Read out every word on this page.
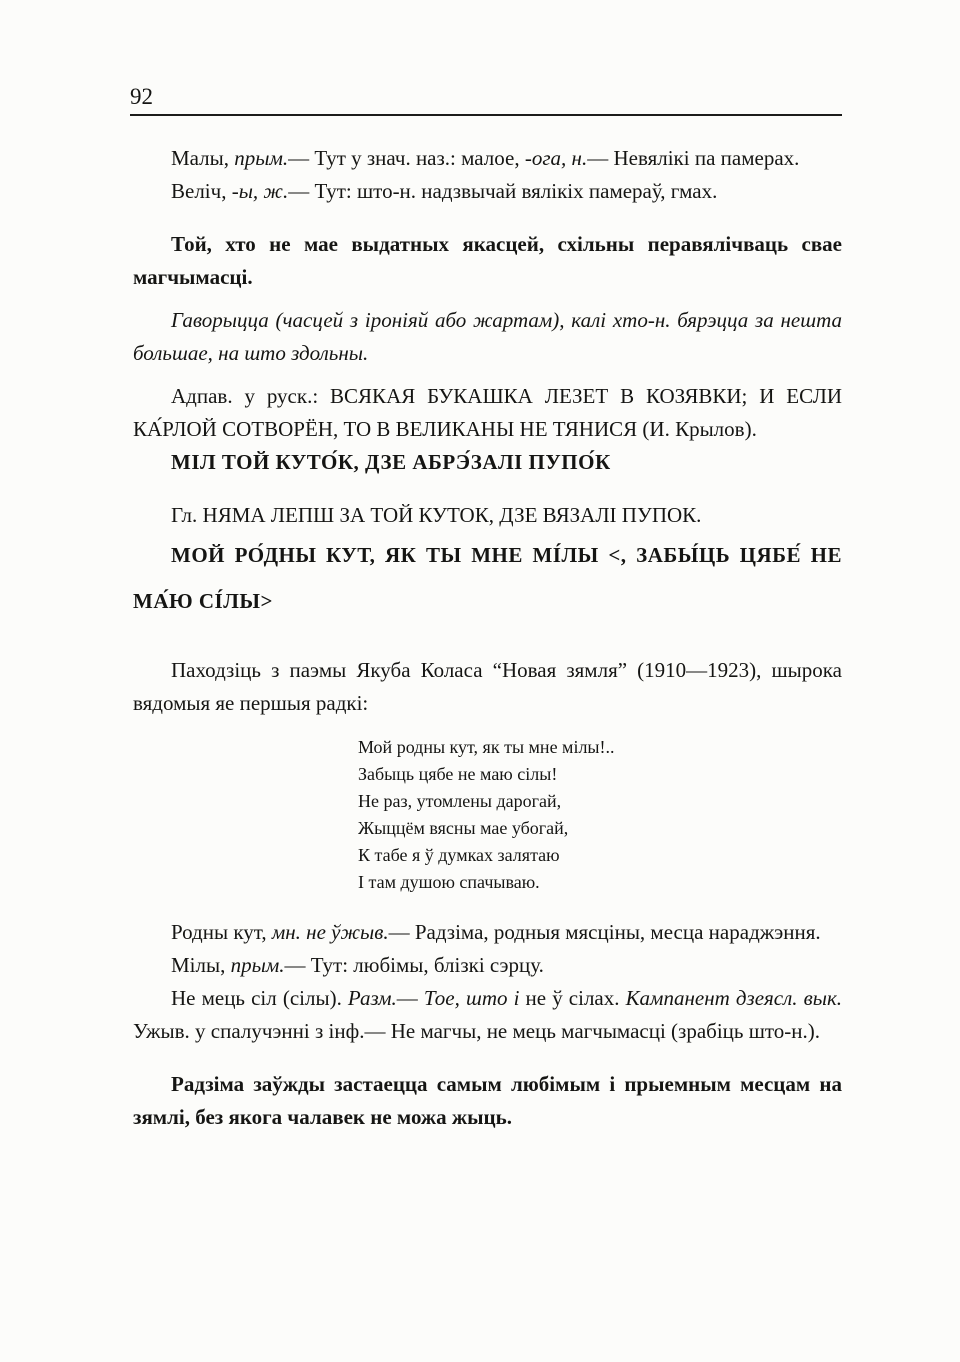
92

Малы, прым.— Тут у знач. наз.: малое, -ога, н.— Невялікі па памерах.

Веліч, -ы, ж.— Тут: што-н. надзвычай вялікіх памераў, гмах.

Той, хто не мае выдатных якасцей, схільны перавялічваць свае магчымасці.

Гаворыцца (часцей з іроніяй або жартам), калі хто-н. бярэцца за нешта большае, на што здольны.

Адпав. у руск.: ВСЯКАЯ БУКАШКА ЛЕЗЕТ В КОЗЯВКИ; И ЕСЛИ КА́РЛОЙ СОТВОРЁН, ТО В ВЕЛИКАНЫ НЕ ТЯНИСЯ (И. Крылов).

МІЛ ТОЙ КУТО́К, ДЗЕ АБРЭ́ЗАЛІ ПУПО́К

Гл. НЯМА ЛЕПШ ЗА ТОЙ КУТОК, ДЗЕ ВЯЗАЛІ ПУПОК.

МОЙ РО́ДНЫ КУТ, ЯК ТЫ МНЕ МІ́ЛЫ <, ЗАБЫ́ЦЬ ЦЯБЕ́ НЕ МА́Ю СІ́ЛЫ>

Паходзіць з паэмы Якуба Коласа “Новая зямля” (1910—1923), шырока вядомыя яе першыя радкі:

Мой родны кут, як ты мне мілы!..
Забыць цябе не маю сілы!
Не раз, утомлены дарогай,
Жыццём вясны мае убогай,
К табе я ў думках залятаю
І там душою спачываю.

Родны кут, мн. не ўжыв.— Радзіма, родныя мясціны, месца нараджэння.

Мілы, прым.— Тут: любімы, блізкі сэрцу.

Не мець сіл (сілы). Разм.— Тое, што і не ў сілах. Кампанент дзеясл. вык. Ужыв. у спалучэнні з інф.— Не магчы, не мець магчымасці (зрабіць што-н.).

Радзіма заўжды застаецца самым любімым і прыемным месцам на зямлі, без якога чалавек не можа жыць.
